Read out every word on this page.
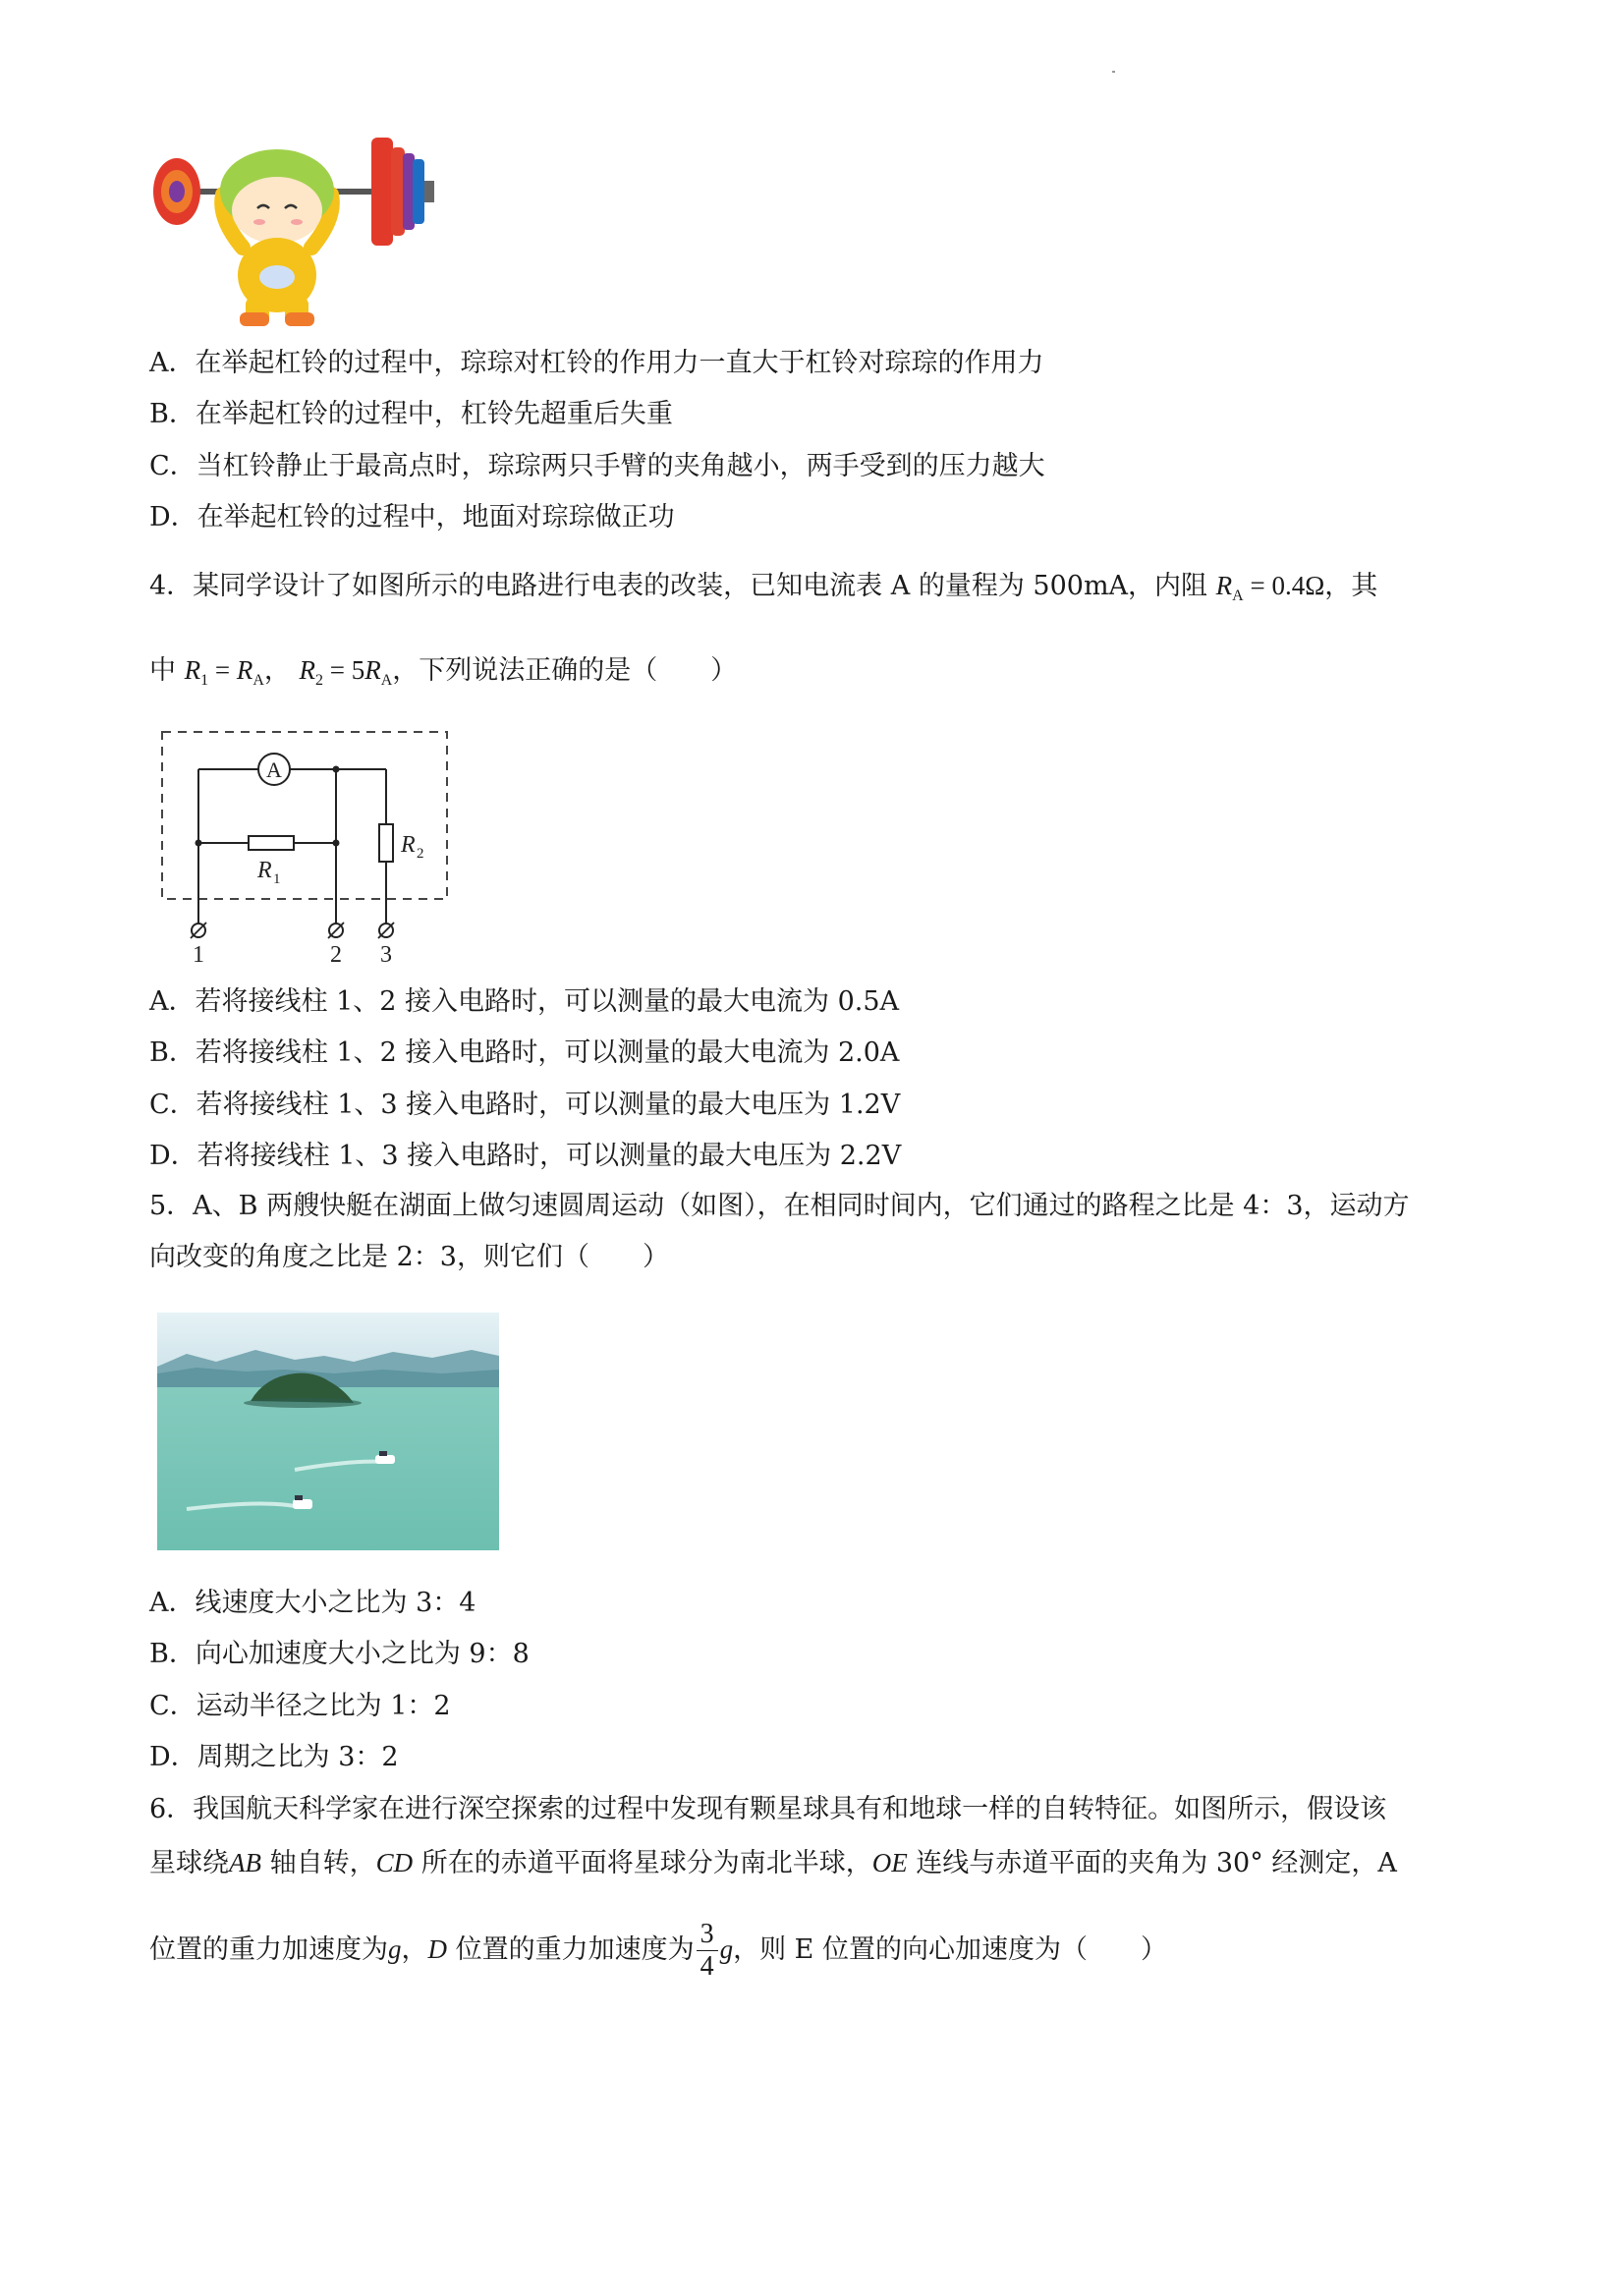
A．在举起杠铃的过程中，琮琮对杠铃的作用力一直大于杠铃对琮琮的作用力
B．在举起杠铃的过程中，杠铃先超重后失重
C．当杠铃静止于最高点时，琮琮两只手臂的夹角越小，两手受到的压力越大
D．在举起杠铃的过程中，地面对琮琮做正功
4．某同学设计了如图所示的电路进行电表的改装，已知电流表 A 的量程为 500mA，内阻 $R_A = 0.4\Omega$，其
中 $R_1 = R_A$， $R_2 = 5R_A$，下列说法正确的是（　　）
A
R 1
R 2
1	2 3
A．若将接线柱 1、2 接入电路时，可以测量的最大电流为 0.5A
B．若将接线柱 1、2 接入电路时，可以测量的最大电流为 2.0A
C．若将接线柱 1、3 接入电路时，可以测量的最大电压为 1.2V
D．若将接线柱 1、3 接入电路时，可以测量的最大电压为 2.2V
5．A、B 两艘快艇在湖面上做匀速圆周运动（如图），在相同时间内，它们通过的路程之比是 4：3，运动方
向改变的角度之比是 2：3，则它们（　　）
A．线速度大小之比为 3：4
B．向心加速度大小之比为 9：8
C．运动半径之比为 1：2
D．周期之比为 3：2
6．我国航天科学家在进行深空探索的过程中发现有颗星球具有和地球一样的自转特征。如图所示，假设该
星球绕AB 轴自转，CD 所在的赤道平面将星球分为南北半球，OE 连线与赤道平面的夹角为 30° 经测定，A
位置的重力加速度为g，D 位置的重力加速度为 $\frac{3}{4}$ g，则 E 位置的向心加速度为（　　）
